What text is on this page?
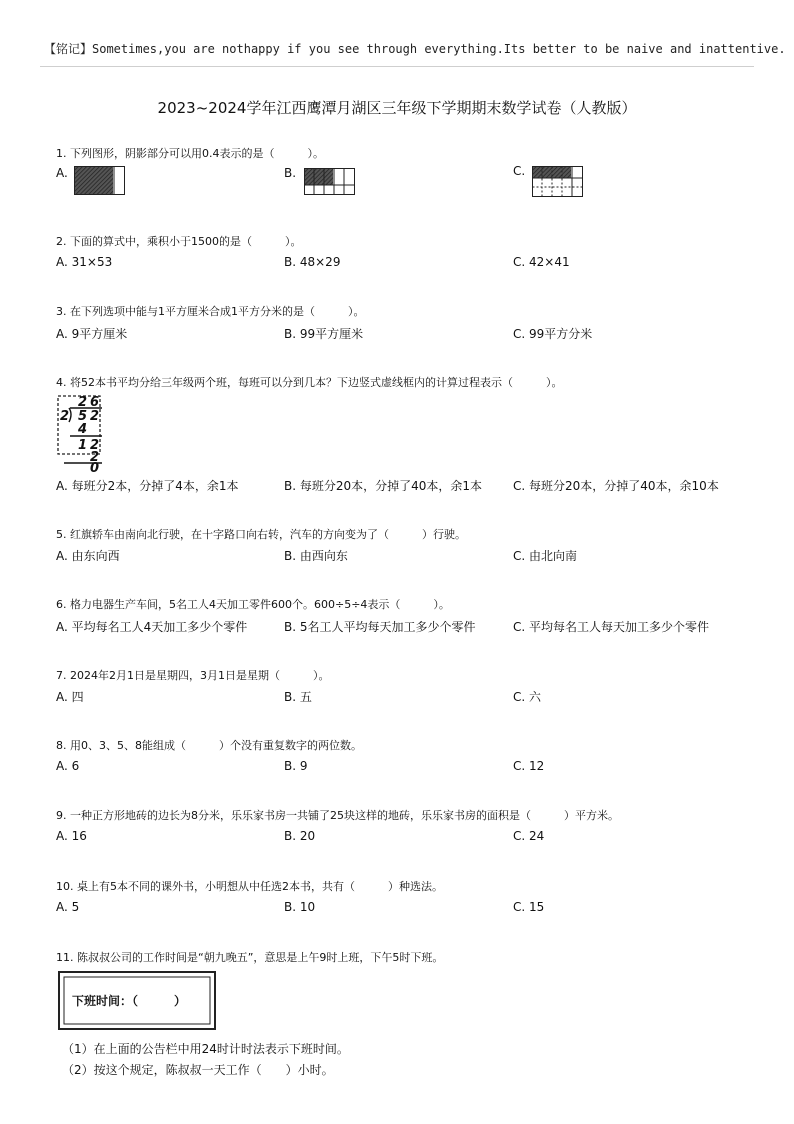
【铭记】Sometimes,you are nothappy if you see through everything.Its better to be naive and inattentive.
2023~2024学年江西鹰潭月湖区三年级下学期期末数学试卷（人教版）
1. 下列图形，阴影部分可以用0.4表示的是（　　　）。
A.	B.	C.
2. 下面的算式中，乘积小于1500的是（　　　）。
A. 31×53	B. 48×29	C. 42×41
3. 在下列选项中能与1平方厘米合成1平方分米的是（　　　）。
A. 9平方厘米	B. 99平方厘米	C. 99平方分米
4. 将52本书平均分给三年级两个班，每班可以分到几本？下边竖式虚线框内的计算过程表示（　　　）。
2 6
2 5 2
4
1 2
2
0
A. 每班分2本，分掉了4本，余1本	B. 每班分20本，分掉了40本，余1本	C. 每班分20本，分掉了40本，余10本
5. 红旗轿车由南向北行驶，在十字路口向右转，汽车的方向变为了（　　　）行驶。
A. 由东向西	B. 由西向东	C. 由北向南
6. 格力电器生产车间，5名工人4天加工零件600个。600÷5÷4表示（　　　）。
A. 平均每名工人4天加工多少个零件	B. 5名工人平均每天加工多少个零件	C. 平均每名工人每天加工多少个零件
7. 2024年2月1日是星期四，3月1日是星期（　　　）。
A. 四	B. 五	C. 六
8. 用0、3、5、8能组成（　　　）个没有重复数字的两位数。
A. 6	B. 9	C. 12
9. 一种正方形地砖的边长为8分米，乐乐家书房一共铺了25块这样的地砖，乐乐家书房的面积是（　　　）平方米。
A. 16	B. 20	C. 24
10. 桌上有5本不同的课外书，小明想从中任选2本书，共有（　　　）种选法。
A. 5	B. 10	C. 15
11. 陈叔叔公司的工作时间是“朝九晚五”，意思是上午9时上班，下午5时下班。
下班时间：（　　　）
（1）在上面的公告栏中用24时计时法表示下班时间。
（2）按这个规定，陈叔叔一天工作（　　）小时。
